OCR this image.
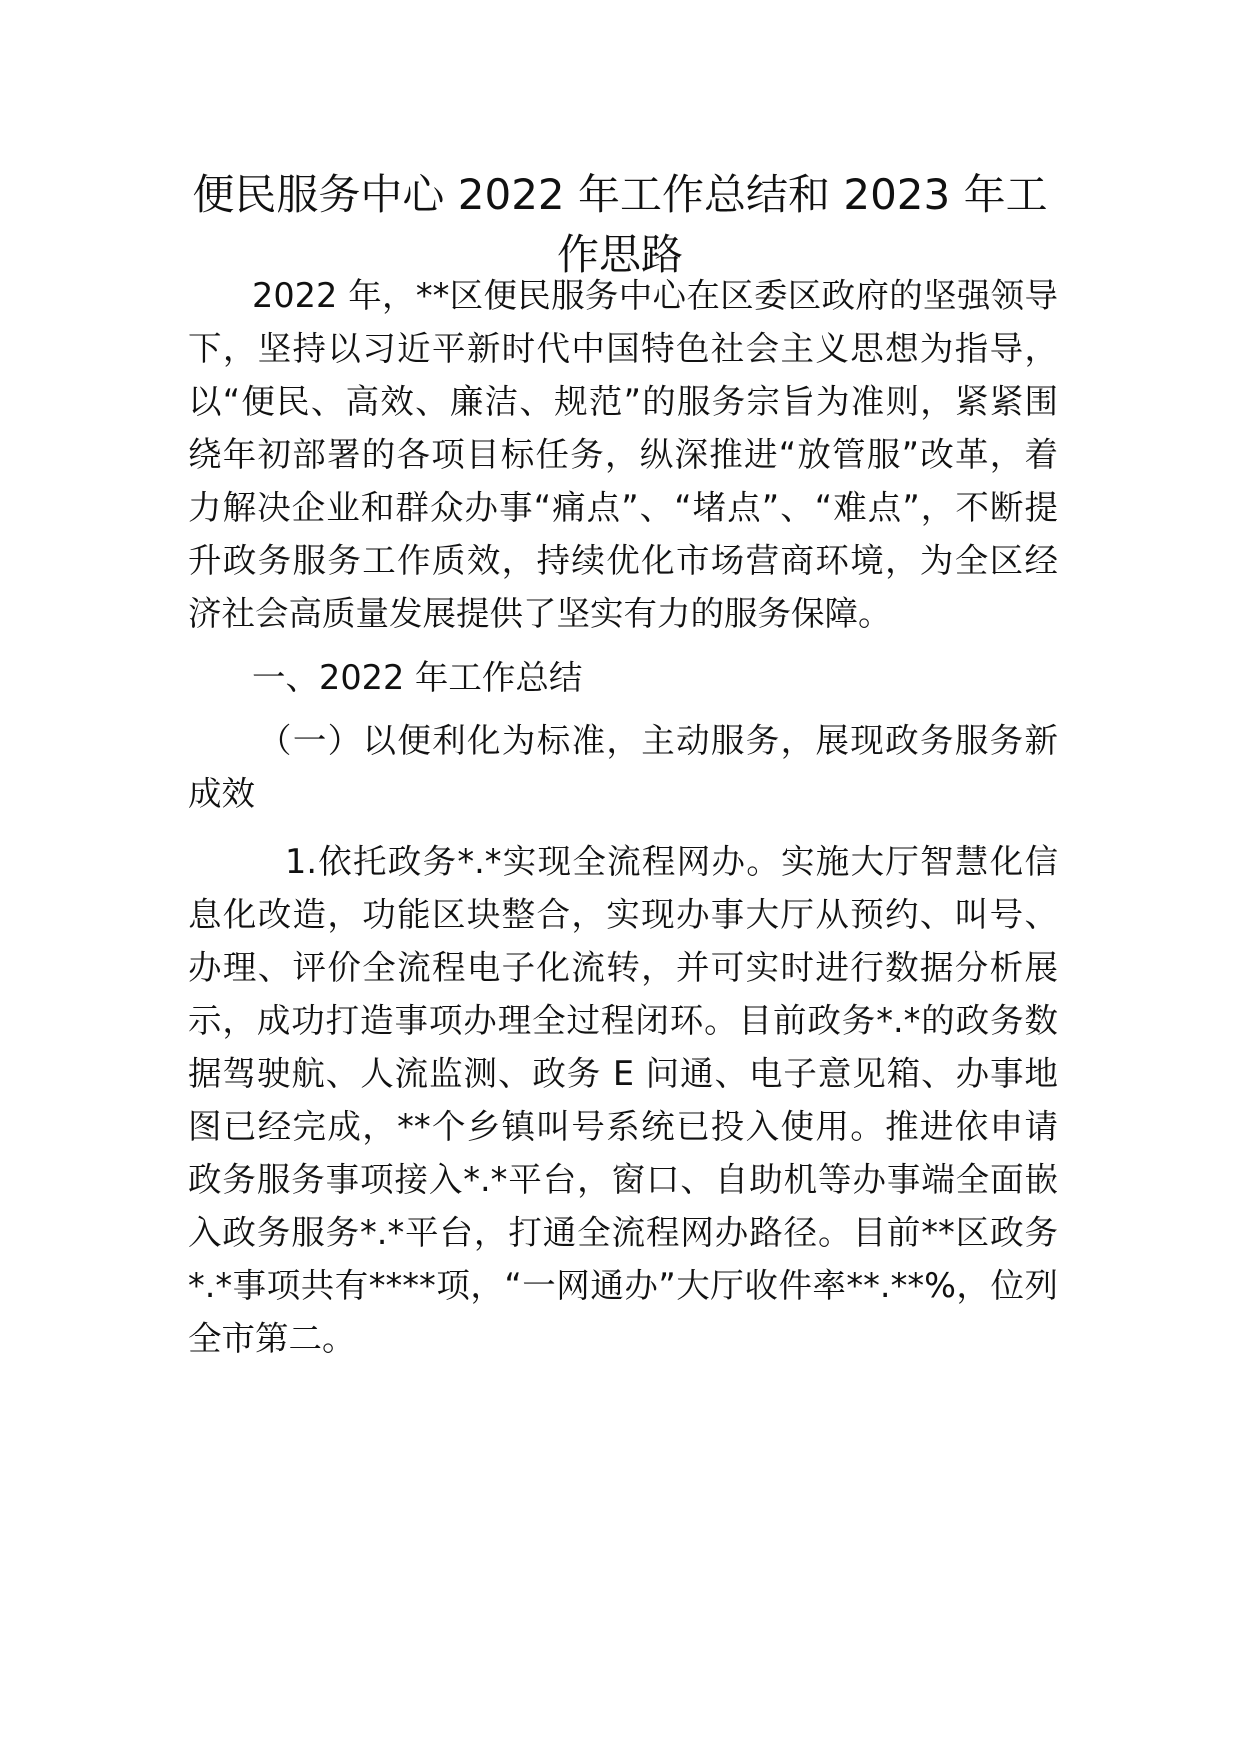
便民服务中心 2022 年工作总结和 2023 年工
作思路
2022 年，**区便民服务中心在区委区政府的坚强领导
下，坚持以习近平新时代中国特色社会主义思想为指导，
以“便民、高效、廉洁、规范”的服务宗旨为准则，紧紧围
绕年初部署的各项目标任务，纵深推进“放管服”改革，着
力解决企业和群众办事“痛点”、“堵点”、“难点”，不断提
升政务服务工作质效，持续优化市场营商环境，为全区经
济社会高质量发展提供了坚实有力的服务保障。
一、2022 年工作总结
（一）以便利化为标准，主动服务，展现政务服务新
成效
1.依托政务*.*实现全流程网办。实施大厅智慧化信
息化改造，功能区块整合，实现办事大厅从预约、叫号、
办理、评价全流程电子化流转，并可实时进行数据分析展
示，成功打造事项办理全过程闭环。目前政务*.*的政务数
据驾驶航、人流监测、政务 E 问通、电子意见箱、办事地
图已经完成，**个乡镇叫号系统已投入使用。推进依申请
政务服务事项接入*.*平台，窗口、自助机等办事端全面嵌
入政务服务*.*平台，打通全流程网办路径。目前**区政务
*.*事项共有****项，“一网通办”大厅收件率**.**%，位列
全市第二。
